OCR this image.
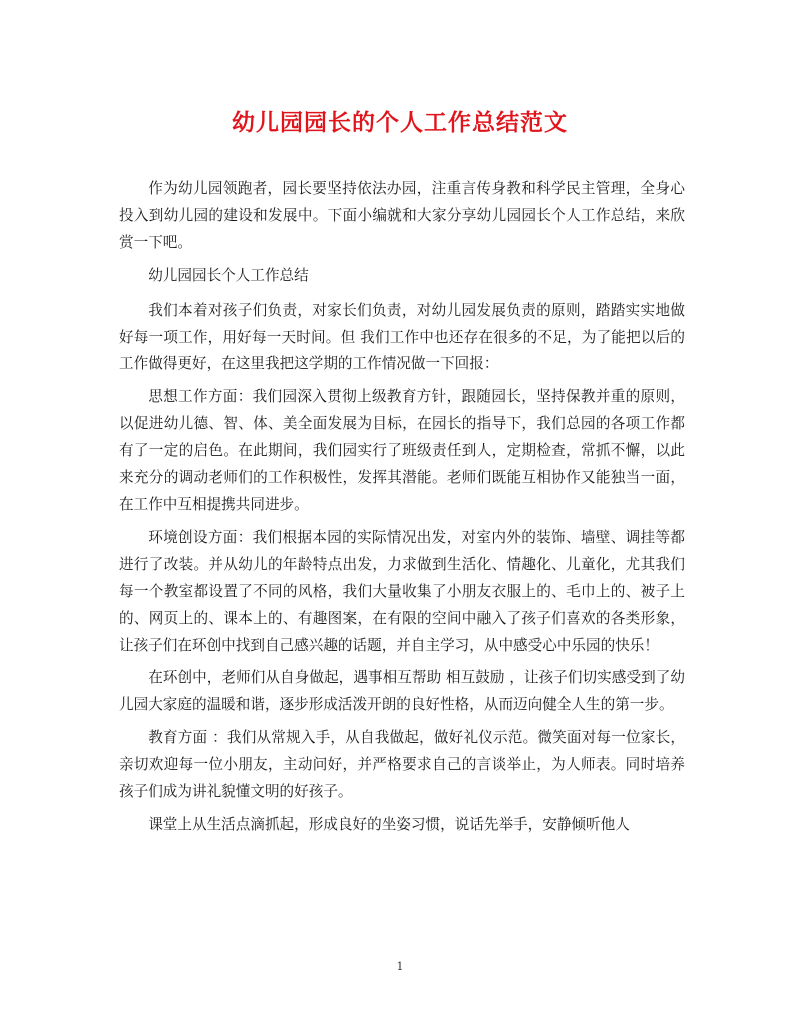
幼儿园园长的个人工作总结范文

作为幼儿园领跑者，园长要坚持依法办园，注重言传身教和科学民主管理，全身心投入到幼儿园的建设和发展中。下面小编就和大家分享幼儿园园长个人工作总结，来欣赏一下吧。

幼儿园园长个人工作总结

我们本着对孩子们负责，对家长们负责，对幼儿园发展负责的原则，踏踏实实地做好每一项工作，用好每一天时间。但 我们工作中也还存在很多的不足，为了能把以后的工作做得更好，在这里我把这学期的工作情况做一下回报：

思想工作方面：我们园深入贯彻上级教育方针，跟随园长，坚持保教并重的原则，以促进幼儿德、智、体、美全面发展为目标，在园长的指导下，我们总园的各项工作都有了一定的启色。在此期间，我们园实行了班级责任到人，定期检查，常抓不懈，以此来充分的调动老师们的工作积极性，发挥其潜能。老师们既能互相协作又能独当一面，在工作中互相提携共同进步。

环境创设方面：我们根据本园的实际情况出发，对室内外的装饰、墙壁、调挂等都进行了改装。并从幼儿的年龄特点出发，力求做到生活化、情趣化、儿童化，尤其我们每一个教室都设置了不同的风格，我们大量收集了小朋友衣服上的、毛巾上的、被子上的、网页上的、课本上的、有趣图案，在有限的空间中融入了孩子们喜欢的各类形象，让孩子们在环创中找到自己感兴趣的话题，并自主学习，从中感受心中乐园的快乐！

在环创中，老师们从自身做起，遇事相互帮助 相互鼓励 ，让孩子们切实感受到了幼儿园大家庭的温暖和谐，逐步形成活泼开朗的良好性格，从而迈向健全人生的第一步。

教育方面 ：我们从常规入手，从自我做起，做好礼仪示范。微笑面对每一位家长，亲切欢迎每一位小朋友，主动问好，并严格要求自己的言谈举止，为人师表。同时培养孩子们成为讲礼貌懂文明的好孩子。

课堂上从生活点滴抓起，形成良好的坐姿习惯，说话先举手，安静倾听他人

1
